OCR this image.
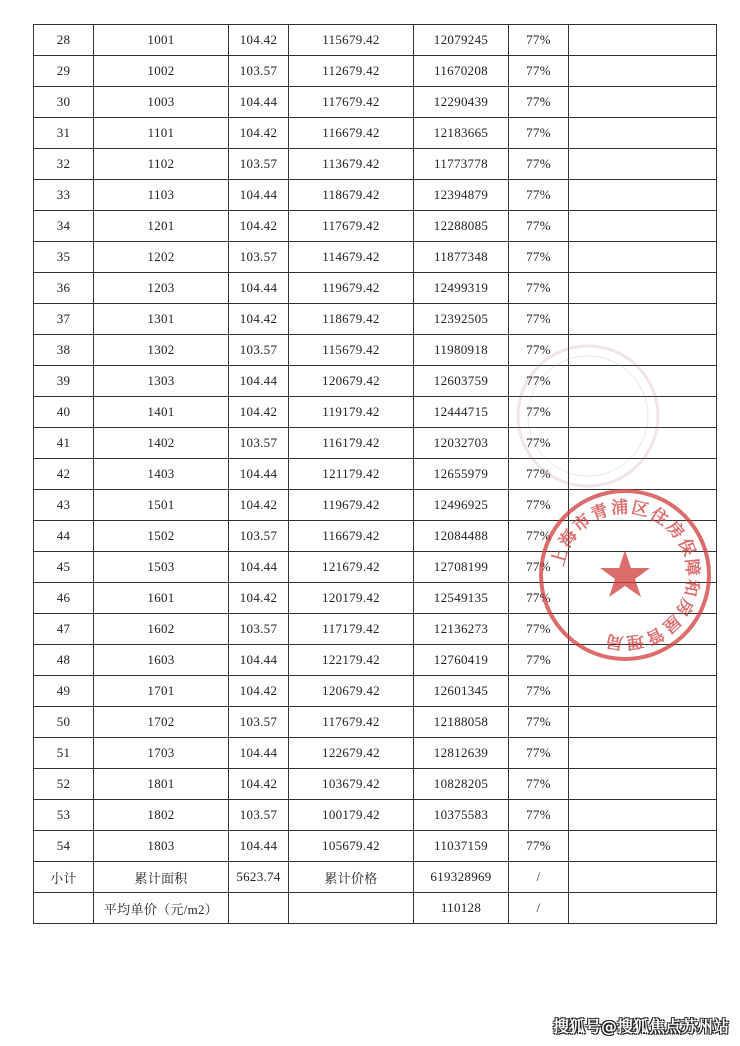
28	1001	104.42	115679.42	12079245	77%	
29	1002	103.57	112679.42	11670208	77%	
30	1003	104.44	117679.42	12290439	77%	
31	1101	104.42	116679.42	12183665	77%	
32	1102	103.57	113679.42	11773778	77%	
33	1103	104.44	118679.42	12394879	77%	
34	1201	104.42	117679.42	12288085	77%	
35	1202	103.57	114679.42	11877348	77%	
36	1203	104.44	119679.42	12499319	77%	
37	1301	104.42	118679.42	12392505	77%	
38	1302	103.57	115679.42	11980918	77%	
39	1303	104.44	120679.42	12603759	77%	
40	1401	104.42	119179.42	12444715	77%	
41	1402	103.57	116179.42	12032703	77%	
42	1403	104.44	121179.42	12655979	77%	
43	1501	104.42	119679.42	12496925	77%	
44	1502	103.57	116679.42	12084488	77%	
45	1503	104.44	121679.42	12708199	77%	
46	1601	104.42	120179.42	12549135	77%	
47	1602	103.57	117179.42	12136273	77%	
48	1603	104.44	122179.42	12760419	77%	
49	1701	104.42	120679.42	12601345	77%	
50	1702	103.57	117679.42	12188058	77%	
51	1703	104.44	122679.42	12812639	77%	
52	1801	104.42	103679.42	10828205	77%	
53	1802	103.57	100179.42	10375583	77%	
54	1803	104.44	105679.42	11037159	77%	
小计	累计面积	5623.74	累计价格	619328969	/	
	平均单价（元/m2）			110128	/	
上海市青浦区住房保障和房屋管理局
搜狐号@搜狐焦点苏州站
